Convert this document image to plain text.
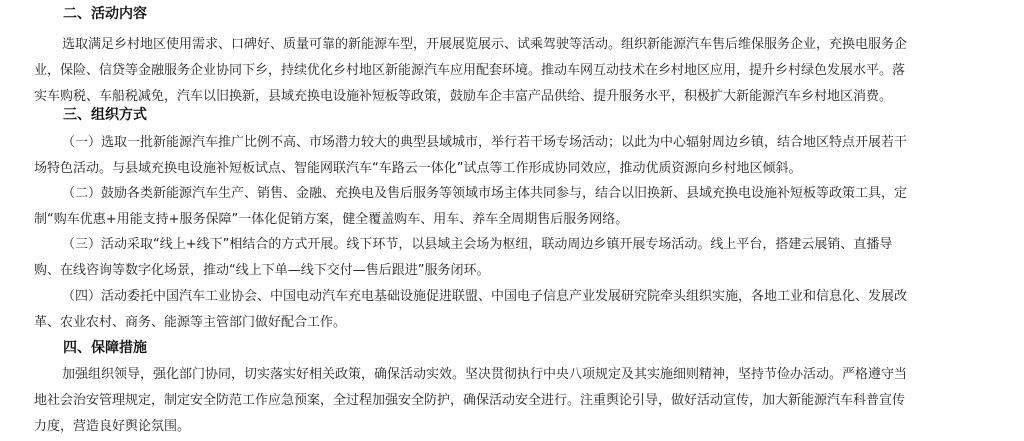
二、活动内容
选取满足乡村地区使用需求、口碑好、质量可靠的新能源车型，开展展览展示、试乘驾驶等活动。组织新能源汽车售后维保服务企业，充换电服务企
业，保险、信贷等金融服务企业协同下乡，持续优化乡村地区新能源汽车应用配套环境。推动车网互动技术在乡村地区应用，提升乡村绿色发展水平。落
实车购税、车船税减免，汽车以旧换新，县域充换电设施补短板等政策，鼓励车企丰富产品供给、提升服务水平，积极扩大新能源汽车乡村地区消费。
三、组织方式
（一）选取一批新能源汽车推广比例不高、市场潜力较大的典型县域城市，举行若干场专场活动；以此为中心辐射周边乡镇，结合地区特点开展若干
场特色活动。与县域充换电设施补短板试点、智能网联汽车“车路云一体化”试点等工作形成协同效应，推动优质资源向乡村地区倾斜。
（二）鼓励各类新能源汽车生产、销售、金融、充换电及售后服务等领域市场主体共同参与，结合以旧换新、县域充换电设施补短板等政策工具，定
制“购车优惠+用能支持+服务保障”一体化促销方案，健全覆盖购车、用车、养车全周期售后服务网络。
（三）活动采取“线上+线下”相结合的方式开展。线下环节，以县域主会场为枢纽，联动周边乡镇开展专场活动。线上平台，搭建云展销、直播导
购、在线咨询等数字化场景，推动“线上下单—线下交付—售后跟进”服务闭环。
（四）活动委托中国汽车工业协会、中国电动汽车充电基础设施促进联盟、中国电子信息产业发展研究院牵头组织实施，各地工业和信息化、发展改
革、农业农村、商务、能源等主管部门做好配合工作。
四、保障措施
加强组织领导，强化部门协同，切实落实好相关政策，确保活动实效。坚决贯彻执行中央八项规定及其实施细则精神，坚持节俭办活动。严格遵守当
地社会治安管理规定，制定安全防范工作应急预案，全过程加强安全防护，确保活动安全进行。注重舆论引导，做好活动宣传，加大新能源汽车科普宣传
力度，营造良好舆论氛围。
